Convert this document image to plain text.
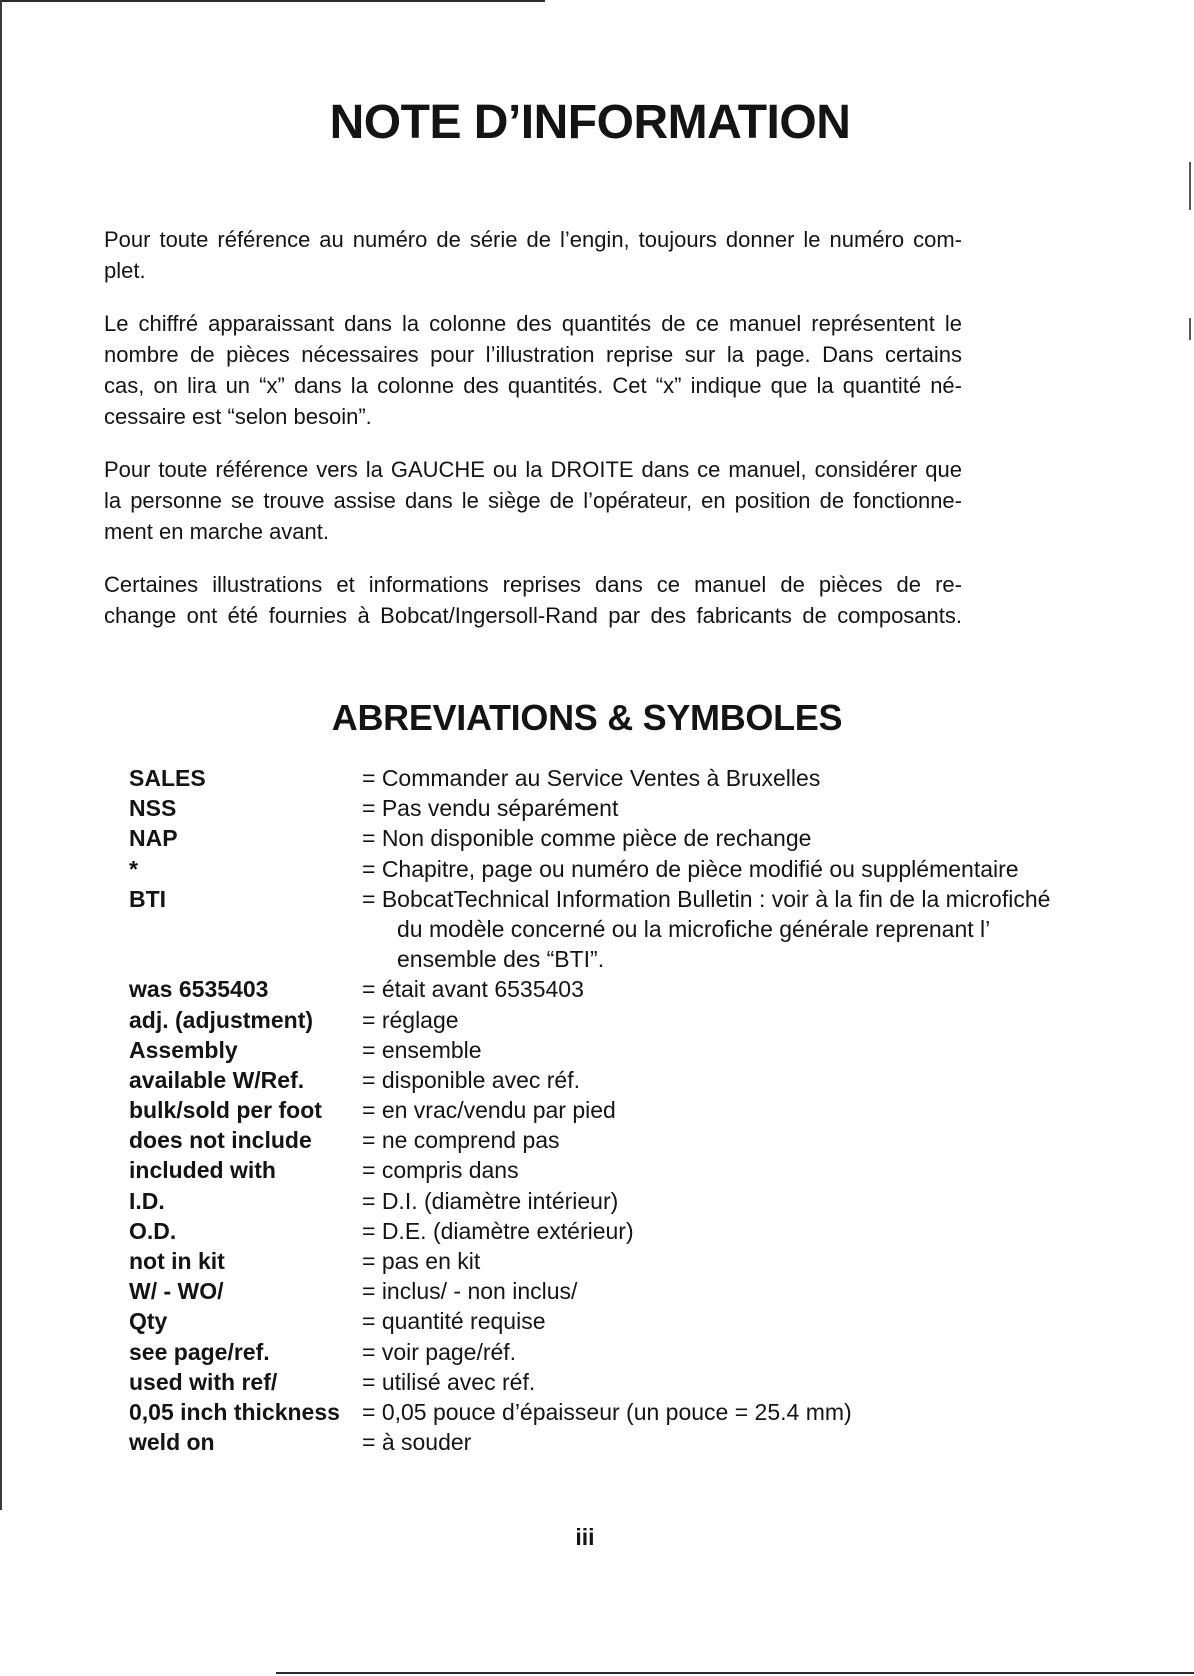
NOTE D’INFORMATION
Pour toute référence au numéro de série de l’engin, toujours donner le numéro com-
plet.
Le chiffré apparaissant dans la colonne des quantités de ce manuel représentent le
nombre de pièces nécessaires pour l’illustration reprise sur la page. Dans certains
cas, on lira un “x” dans la colonne des quantités. Cet “x” indique que la quantité né-
cessaire est “selon besoin”.
Pour toute référence vers la GAUCHE ou la DROITE dans ce manuel, considérer que
la personne se trouve assise dans le siège de l’opérateur, en position de fonctionne-
ment en marche avant.
Certaines illustrations et informations reprises dans ce manuel de pièces de re-
change ont été fournies à Bobcat/Ingersoll-Rand par des fabricants de composants.
ABREVIATIONS & SYMBOLES
SALES	= Commander au Service Ventes à Bruxelles
NSS	= Pas vendu séparément
NAP	= Non disponible comme pièce de rechange
*	= Chapitre, page ou numéro de pièce modifié ou supplémentaire
BTI	= BobcatTechnical Information Bulletin : voir à la fin de la microfiché
du modèle concerné ou la microfiche générale reprenant l’
ensemble des “BTI”.
was 6535403	= était avant 6535403
adj. (adjustment)	= réglage
Assembly	= ensemble
available W/Ref.	= disponible avec réf.
bulk/sold per foot	= en vrac/vendu par pied
does not include	= ne comprend pas
included with	= compris dans
I.D.	= D.I. (diamètre intérieur)
O.D.	= D.E. (diamètre extérieur)
not in kit	= pas en kit
W/ - WO/	= inclus/ - non inclus/
Qty	= quantité requise
see page/ref.	= voir page/réf.
used with ref/	= utilisé avec réf.
0,05 inch thickness = 0,05 pouce d’épaisseur (un pouce = 25.4 mm)
weld on	= à souder
iii
